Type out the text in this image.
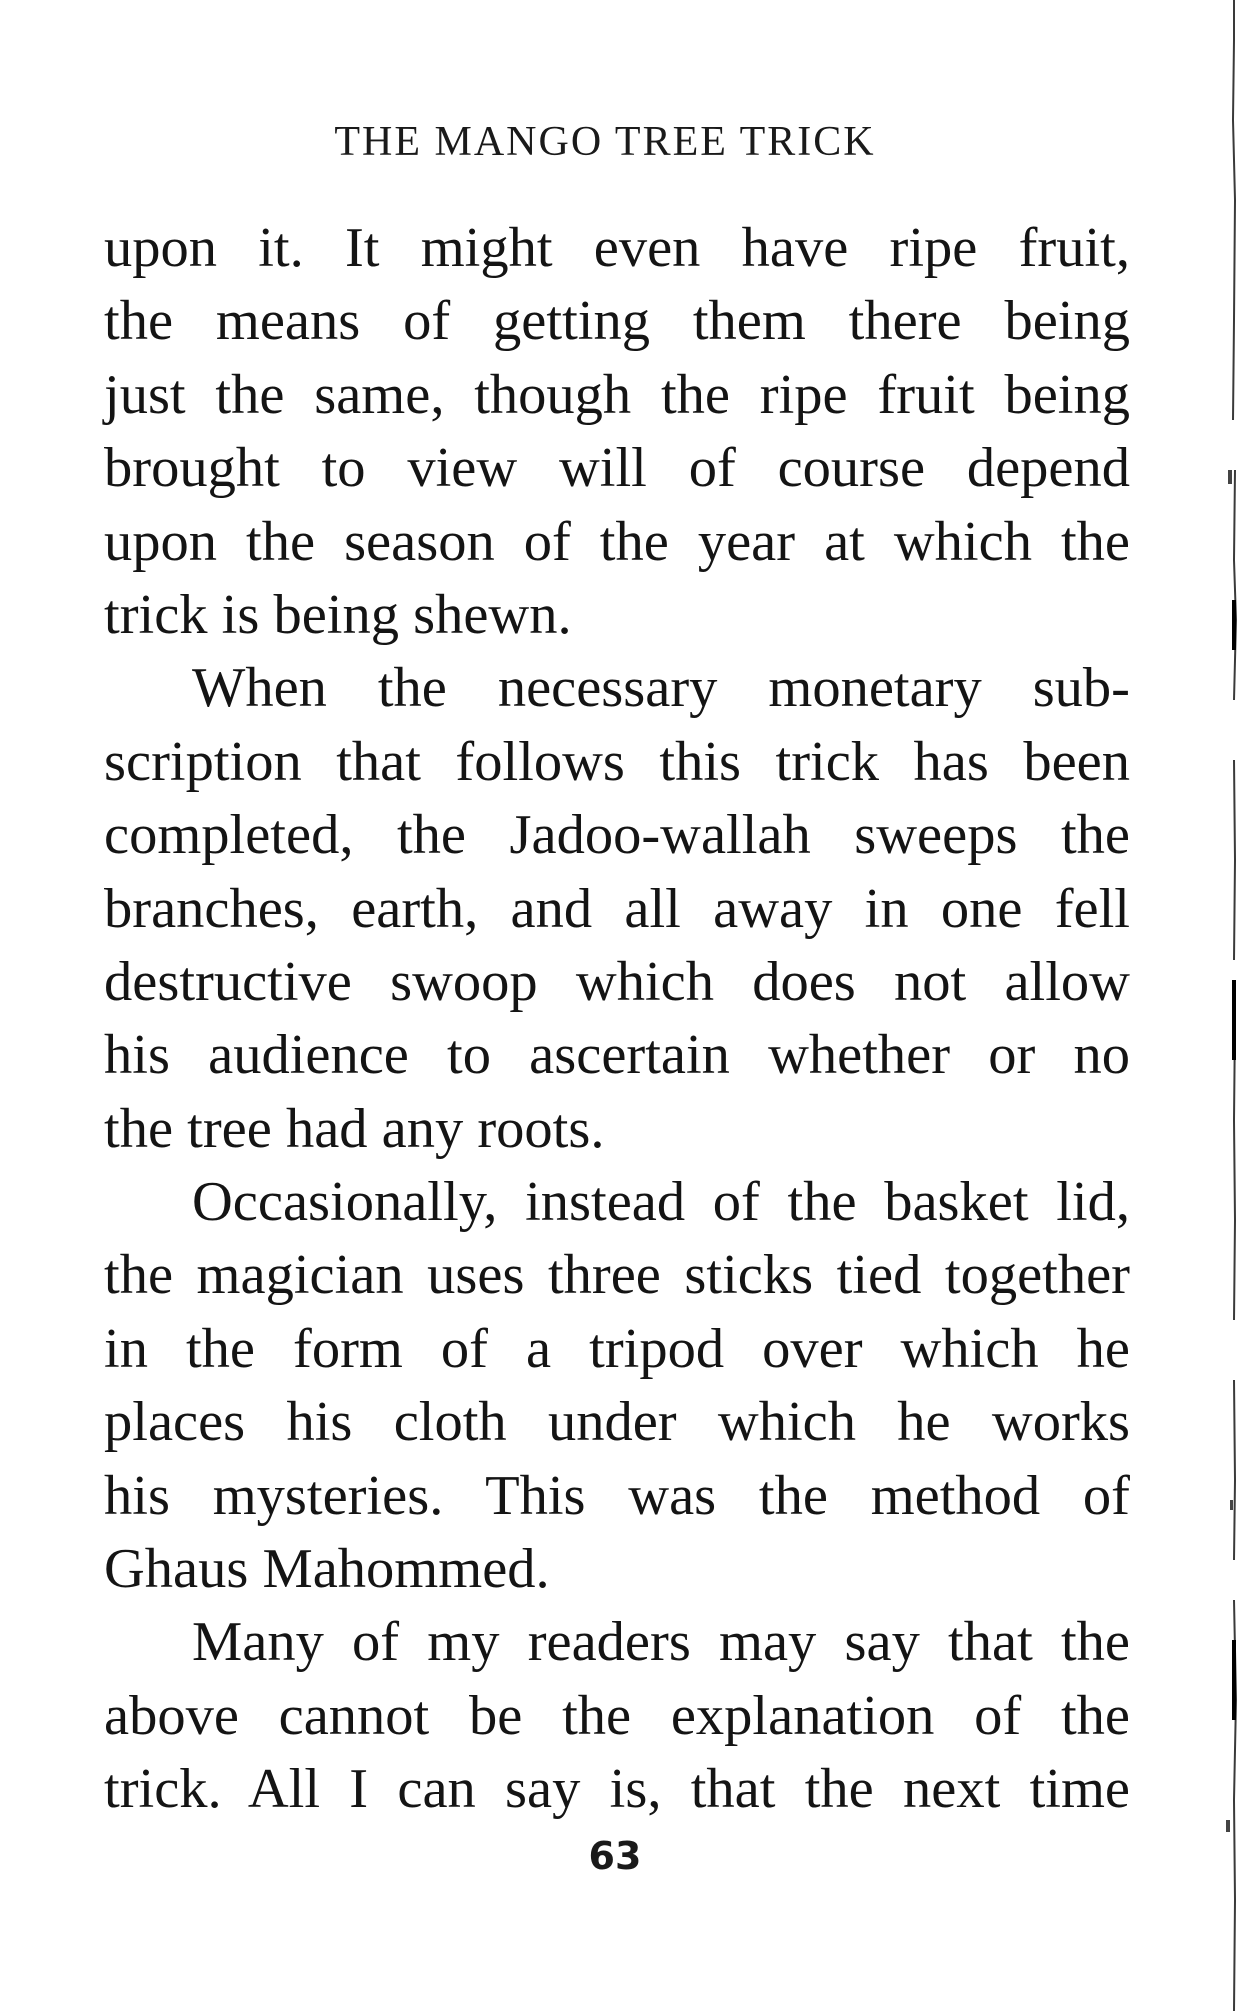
THE MANGO TREE TRICK
upon it. It might even have ripe fruit,
the means of getting them there being
just the same, though the ripe fruit being
brought to view will of course depend
upon the season of the year at which the
trick is being shewn.
When the necessary monetary sub-
scription that follows this trick has been
completed, the Jadoo-wallah sweeps the
branches, earth, and all away in one fell
destructive swoop which does not allow
his audience to ascertain whether or no
the tree had any roots.
Occasionally, instead of the basket lid,
the magician uses three sticks tied together
in the form of a tripod over which he
places his cloth under which he works
his mysteries. This was the method of
Ghaus Mahommed.
Many of my readers may say that the
above cannot be the explanation of the
trick. All I can say is, that the next time
63
